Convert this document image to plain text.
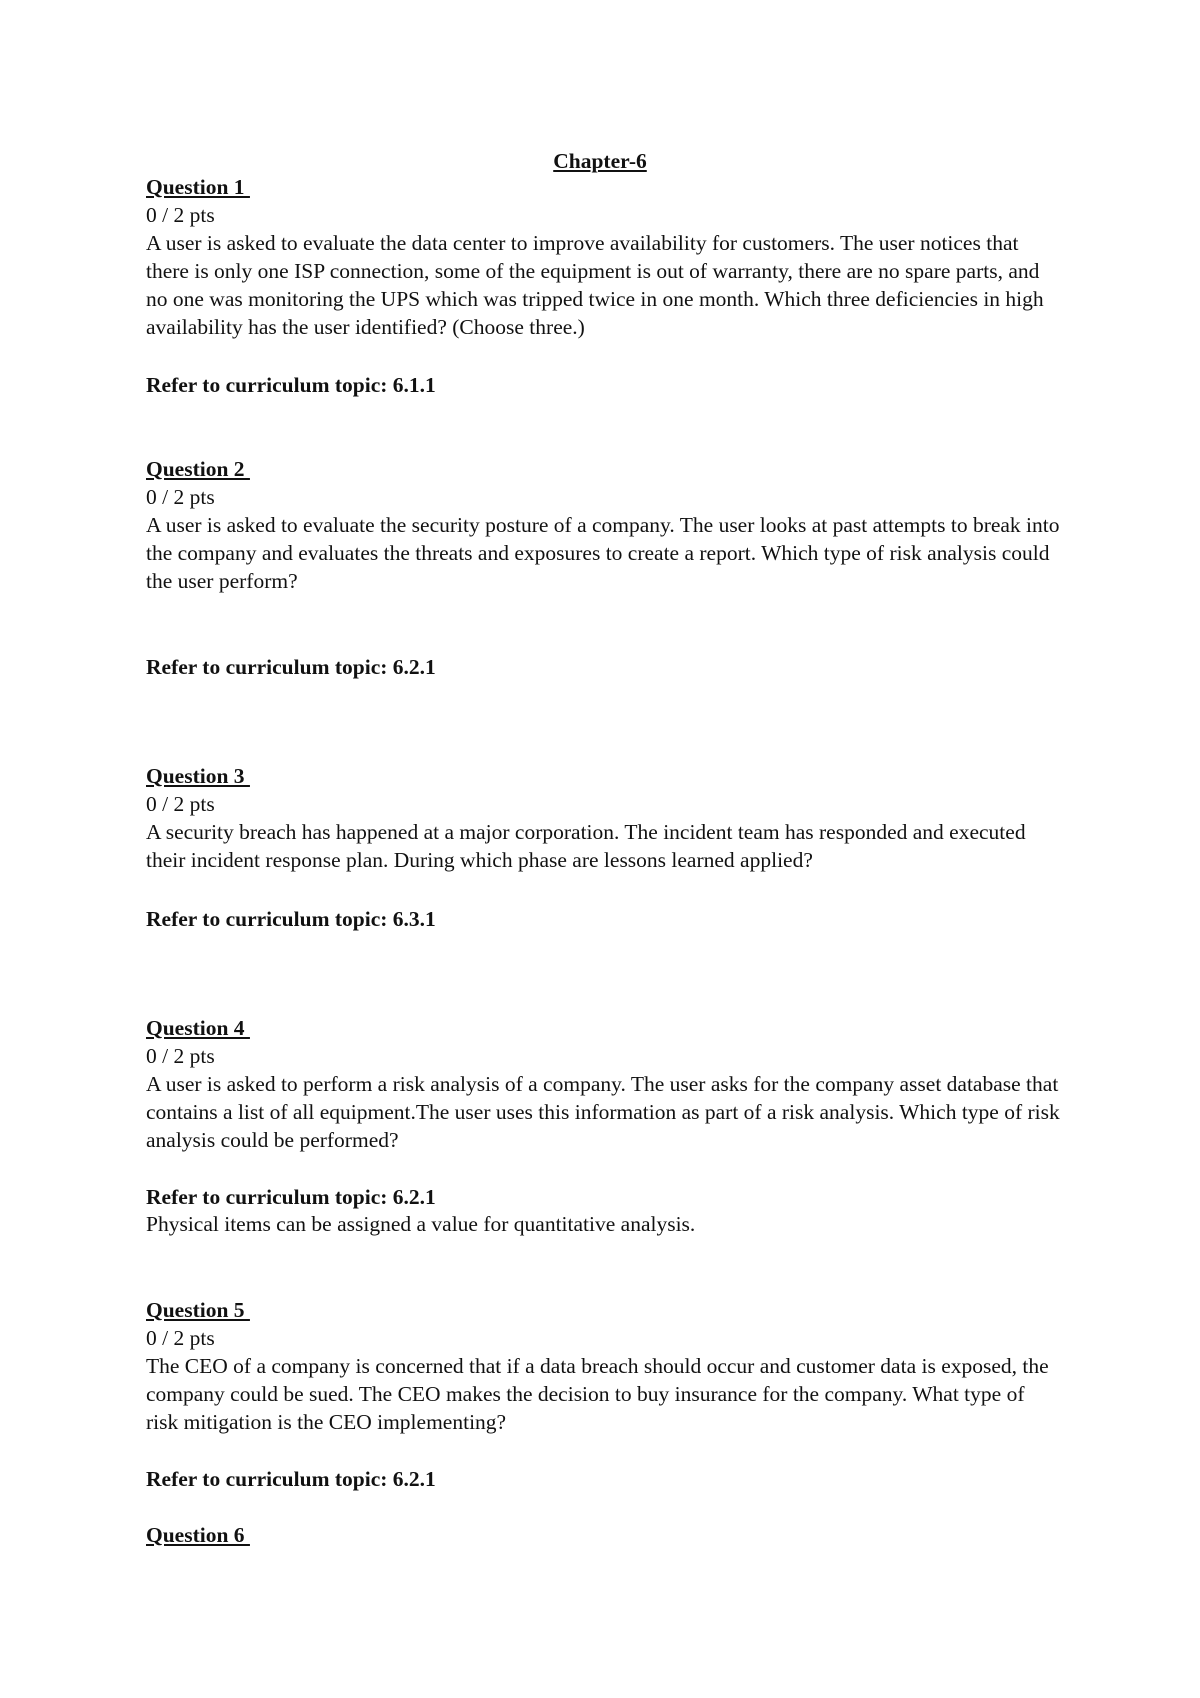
Chapter-6
Question 1
0 / 2 pts

A user is asked to evaluate the data center to improve availability for customers. The user notices that there is only one ISP connection, some of the equipment is out of warranty, there are no spare parts, and no one was monitoring the UPS which was tripped twice in one month. Which three deficiencies in high availability has the user identified? (Choose three.)

Refer to curriculum topic: 6.1.1
Question 2
0 / 2 pts

A user is asked to evaluate the security posture of a company. The user looks at past attempts to break into the company and evaluates the threats and exposures to create a report. Which type of risk analysis could the user perform?

Refer to curriculum topic: 6.2.1
Question 3
0 / 2 pts

A security breach has happened at a major corporation. The incident team has responded and executed their incident response plan. During which phase are lessons learned applied?

Refer to curriculum topic: 6.3.1
Question 4
0 / 2 pts

A user is asked to perform a risk analysis of a company. The user asks for the company asset database that contains a list of all equipment.The user uses this information as part of a risk analysis. Which type of risk analysis could be performed?

Refer to curriculum topic: 6.2.1
Physical items can be assigned a value for quantitative analysis.
Question 5
0 / 2 pts

The CEO of a company is concerned that if a data breach should occur and customer data is exposed, the company could be sued. The CEO makes the decision to buy insurance for the company. What type of risk mitigation is the CEO implementing?

Refer to curriculum topic: 6.2.1
Question 6
